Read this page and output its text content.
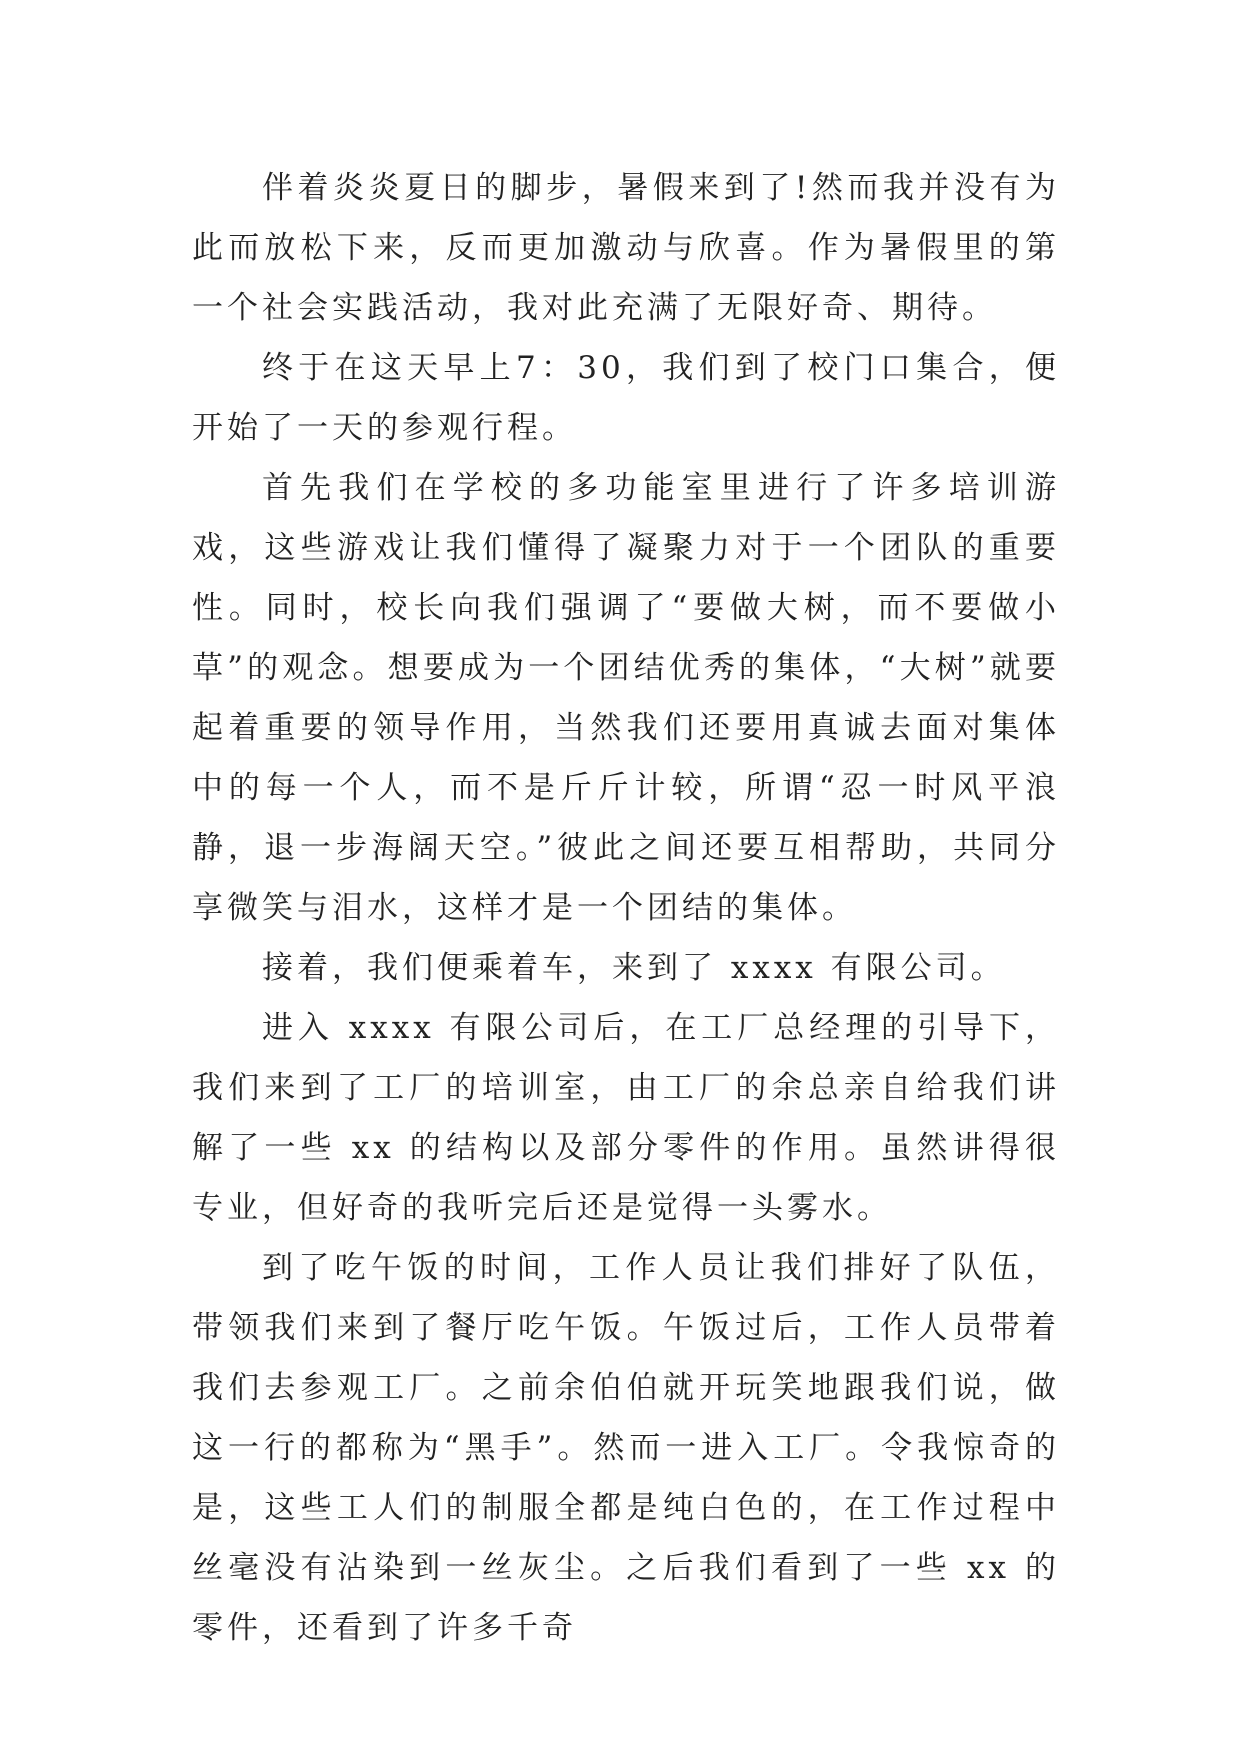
伴着炎炎夏日的脚步，暑假来到了!然而我并没有为此而放松下来，反而更加激动与欣喜。作为暑假里的第一个社会实践活动，我对此充满了无限好奇、期待。

终于在这天早上7：30，我们到了校门口集合，便开始了一天的参观行程。

首先我们在学校的多功能室里进行了许多培训游戏，这些游戏让我们懂得了凝聚力对于一个团队的重要性。同时，校长向我们强调了“要做大树，而不要做小草”的观念。想要成为一个团结优秀的集体，“大树”就要起着重要的领导作用，当然我们还要用真诚去面对集体中的每一个人，而不是斤斤计较，所谓“忍一时风平浪静，退一步海阔天空。”彼此之间还要互相帮助，共同分享微笑与泪水，这样才是一个团结的集体。

接着，我们便乘着车，来到了 xxxx 有限公司。

进入 xxxx 有限公司后，在工厂总经理的引导下，我们来到了工厂的培训室，由工厂的余总亲自给我们讲解了一些 xx 的结构以及部分零件的作用。虽然讲得很专业，但好奇的我听完后还是觉得一头雾水。

到了吃午饭的时间，工作人员让我们排好了队伍，带领我们来到了餐厅吃午饭。午饭过后，工作人员带着我们去参观工厂。之前余伯伯就开玩笑地跟我们说，做这一行的都称为“黑手”。然而一进入工厂。令我惊奇的是，这些工人们的制服全都是纯白色的，在工作过程中丝毫没有沾染到一丝灰尘。之后我们看到了一些 xx 的零件，还看到了许多千奇
